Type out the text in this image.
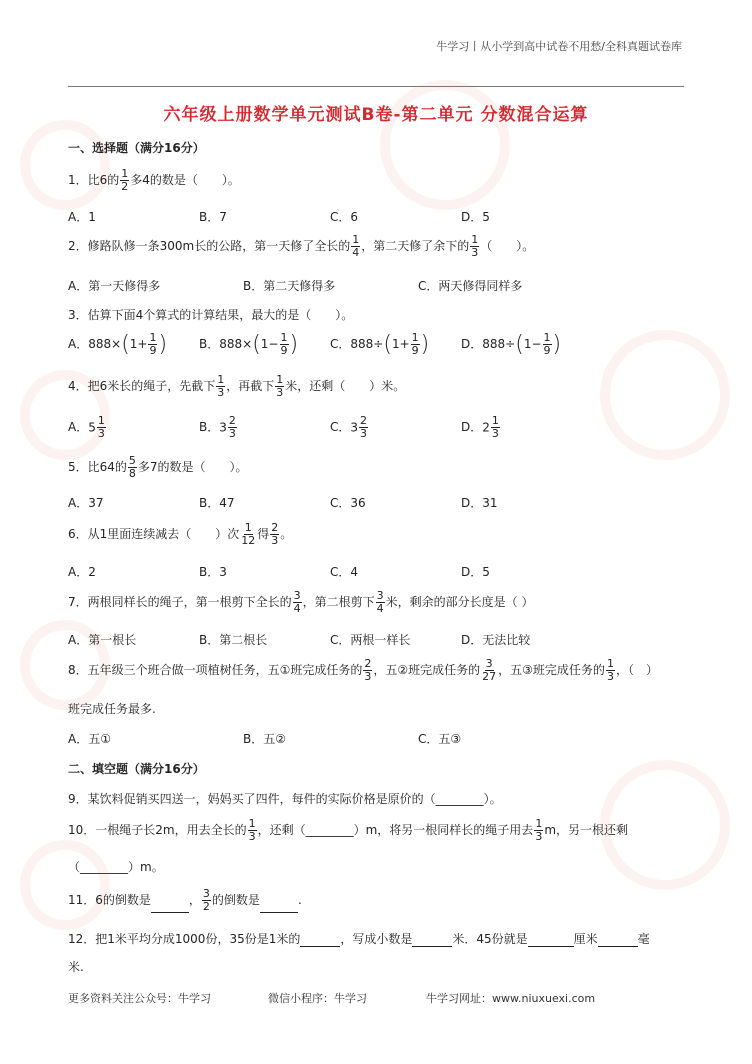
牛学习丨从小学到高中试卷不用愁/全科真题试卷库
六年级上册数学单元测试B卷-第二单元 分数混合运算
一、选择题（满分16分）
1．比6的 $\frac{1}{2}$ 多4的数是（　　）。
A．1	B．7	C．6	D．5
2．修路队修一条300m长的公路，第一天修了全长的 $\frac{1}{4}$ ，第二天修了余下的 $\frac{1}{3}$ （　　）。
A．第一天修得多	B．第二天修得多	C．两天修得同样多
3．估算下面4个算式的计算结果，最大的是（　　）。
A．$888\times(1+ \frac{1}{9}$ )	B．$888\times(1- \frac{1}{9}$ )	C．$888\div(1+ \frac{1}{9}$ )	D．$888\div(1- \frac{1}{9}$ )
4．把6米长的绳子，先截下 $\frac{1}{3}$ ，再截下 $\frac{1}{3}$ 米，还剩（　　）米。
A．$5 \frac{1}{3}$	B．$3 \frac{2}{3}$	C．$3 \frac{2}{3}$	D．$2 \frac{1}{3}$
5．比64的 $\frac{5}{8}$ 多7的数是（　　）。
A．37	B．47	C．36	D．31
6．从1里面连续减去（　　）次 $\frac{1}{12}$ 得 $\frac{2}{3}$ 。
A．2	B．3	C．4	D．5
7．两根同样长的绳子，第一根剪下全长的 $\frac{3}{4}$ ，第二根剪下 $\frac{3}{4}$ 米，剩余的部分长度是（ ）
A．第一根长	B．第二根长	C．两根一样长	D．无法比较
8．五年级三个班合做一项植树任务，五①班完成任务的 $\frac{2}{3}$ ，五②班完成任务的 $\frac{3}{27}$ ，五③班完成任务的 $\frac{1}{3}$ ，（　）
班完成任务最多.
A．五①	B．五②	C．五③
二、填空题（满分16分）
9．某饮料促销买四送一，妈妈买了四件，每件的实际价格是原价的（________）。
10．一根绳子长2m，用去全长的 $\frac{1}{3}$ ，还剩（________）m，将另一根同样长的绳子用去 $\frac{1}{3}$ m，另一根还剩
（________）m。
11．6的倒数是	， $\frac{3}{2}$ 的倒数是	.
12．把1米平均分成1000份，35份是1米的	，写成小数是	米．45份就是	厘米	毫
米.
更多资料关注公众号：牛学习	微信小程序：牛学习	牛学习网址：www.niuxuexi.com
